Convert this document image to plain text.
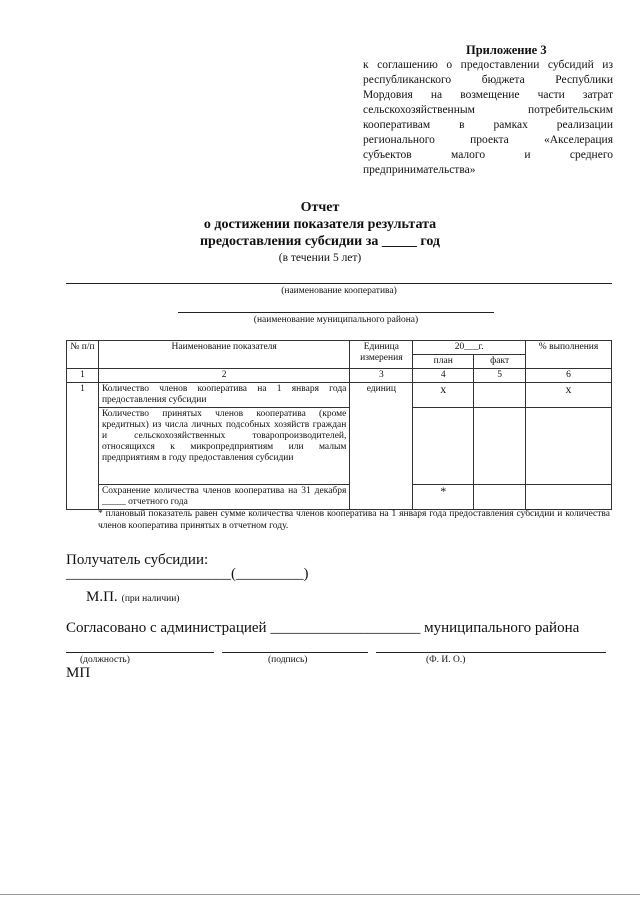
Приложение 3
к соглашению о предоставлении субсидий из
республиканского бюджета Республики
Мордовия на возмещение части затрат
сельскохозяйственным потребительским
кооперативам в рамках реализации
регионального проекта «Акселерация
субъектов малого и среднего
предпринимательства»
Отчет
о достижении показателя результата
предоставления субсидии за _____ год
(в течении 5 лет)
(наименование кооператива)
(наименование муниципального района)
№ п/п	Наименование показателя	Единица измерения	20___г.		% выполнения
			план	факт	
1	2	3	4	5	6
1	Количество членов кооператива на 1 января года предоставления субсидии	единиц	x		x
	Количество принятых членов кооператива (кроме кредитных) из числа личных подсобных хозяйств граждан и сельскохозяйственных товаропроизводителей, относящихся к микропредприятиям или малым предприятиям в году предоставления субсидии				
	Сохранение количества членов кооператива на 31 декабря _____ отчетного года		*		
* плановый показатель равен сумме количества членов кооператива на 1 января года предоставления субсидии и количества членов кооператива принятых в отчетном году.
Получатель субсидии:
______________________(_________)
М.П. (при наличии)
Согласовано с администрацией ____________________ муниципального района
(должность)	(подпись)	(Ф. И. О.)
МП
